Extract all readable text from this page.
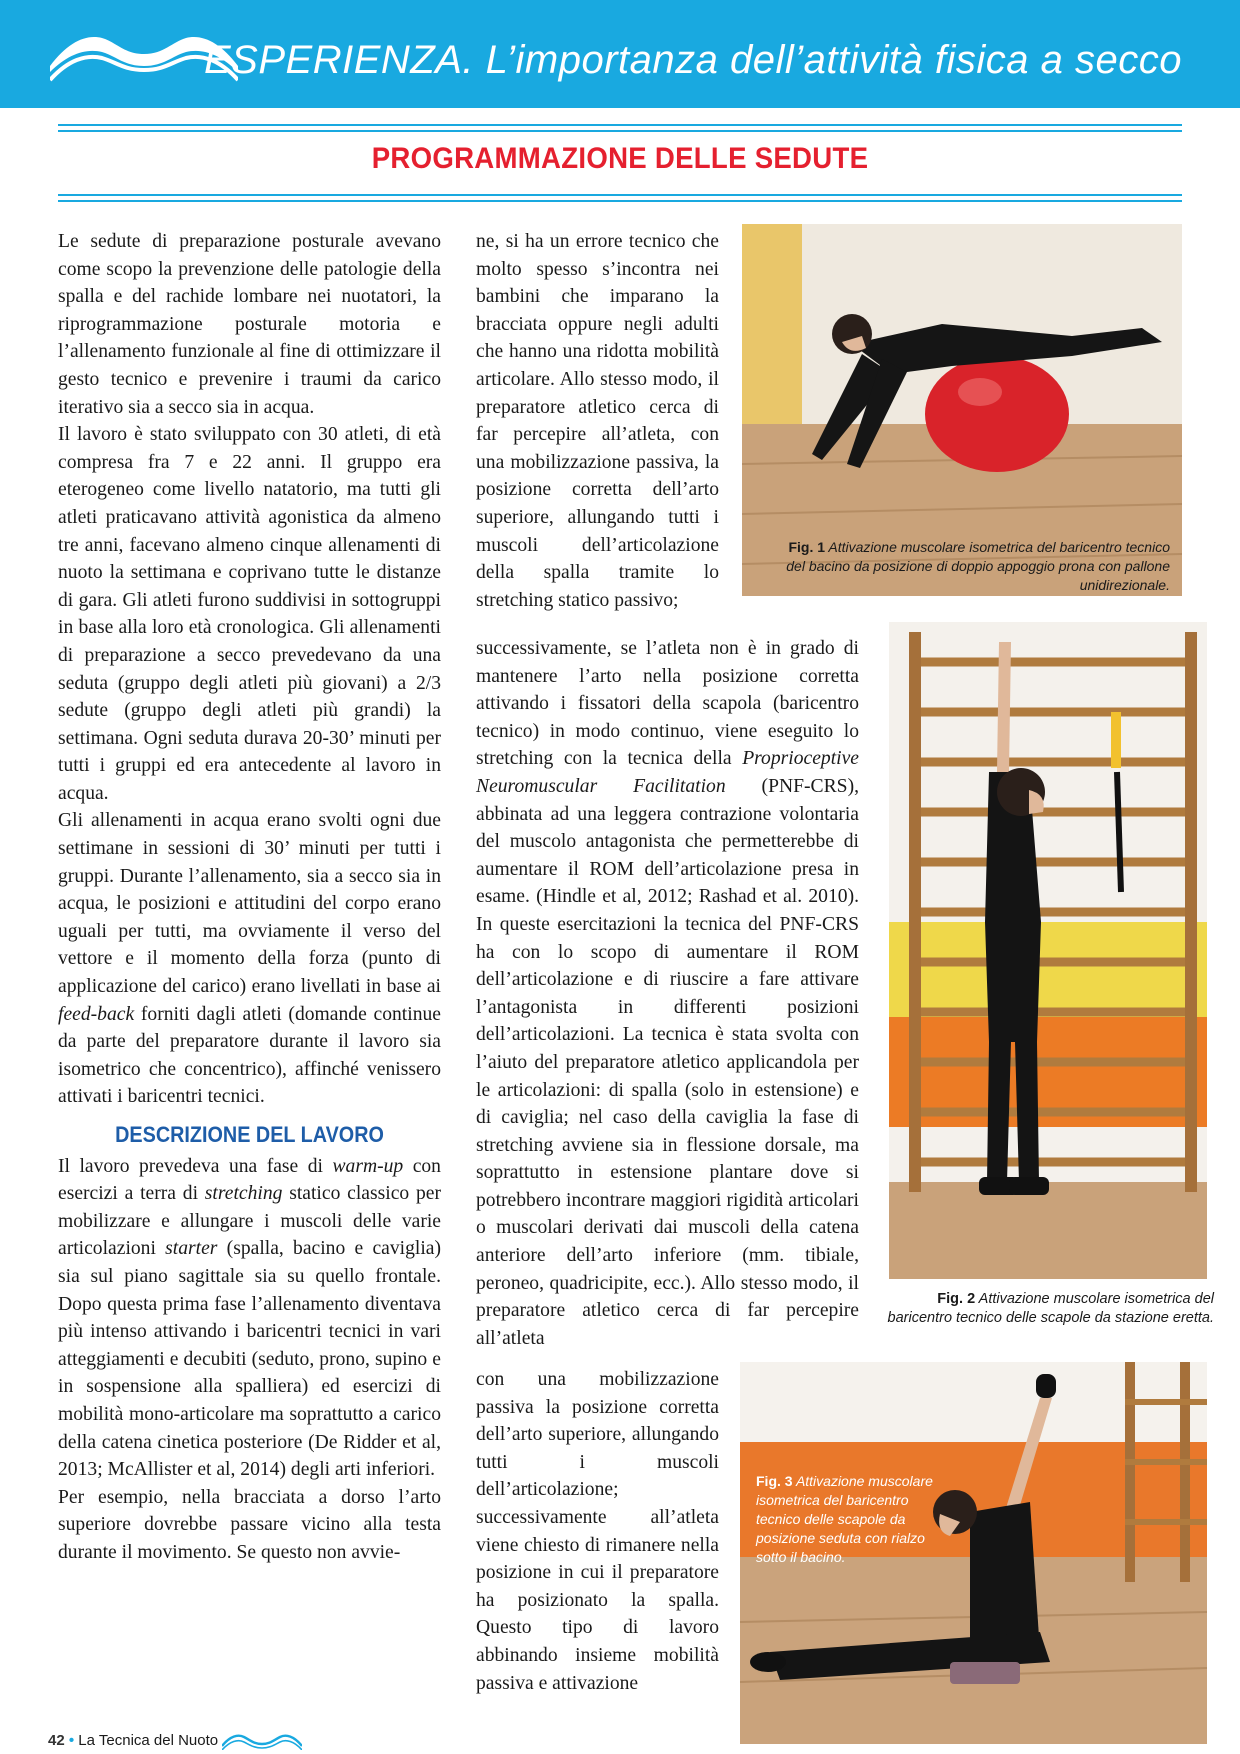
ESPERIENZA. L’importanza dell’attività fisica a secco
PROGRAMMAZIONE DELLE SEDUTE

Le sedute di preparazione posturale avevano come scopo la prevenzione delle patologie della spalla e del rachide lombare nei nuotatori, la riprogrammazione posturale motoria e l’allenamento funzionale al fine di ottimizzare il gesto tecnico e prevenire i traumi da carico iterativo sia a secco sia in acqua.

Il lavoro è stato sviluppato con 30 atleti, di età compresa fra 7 e 22 anni. Il gruppo era eterogeneo come livello natatorio, ma tutti gli atleti praticavano attività agonistica da almeno tre anni, facevano almeno cinque allenamenti di nuoto la settimana e coprivano tutte le distanze di gara. Gli atleti furono suddivisi in sottogruppi in base alla loro età cronologica. Gli allenamenti di preparazione a secco prevedevano da una seduta (gruppo degli atleti più giovani) a 2/3 sedute (gruppo degli atleti più grandi) la settimana. Ogni seduta durava 20-30’ minuti per tutti i gruppi ed era antecedente al lavoro in acqua.

Gli allenamenti in acqua erano svolti ogni due settimane in sessioni di 30’ minuti per tutti i gruppi. Durante l’allenamento, sia a secco sia in acqua, le posizioni e attitudini del corpo erano uguali per tutti, ma ovviamente il verso del vettore e il momento della forza (punto di applicazione del carico) erano livellati in base ai feed-back forniti dagli atleti (domande continue da parte del preparatore durante il lavoro sia isometrico che concentrico), affinché venissero attivati i baricentri tecnici.

DESCRIZIONE DEL LAVORO

Il lavoro prevedeva una fase di warm-up con esercizi a terra di stretching statico classico per mobilizzare e allungare i muscoli delle varie articolazioni starter (spalla, bacino e caviglia) sia sul piano sagittale sia su quello frontale. Dopo questa prima fase l’allenamento diventava più intenso attivando i baricentri tecnici in vari atteggiamenti e decubiti (seduto, prono, supino e in sospensione alla spalliera) ed esercizi di mobilità mono-articolare ma soprattutto a carico della catena cinetica posteriore (De Ridder et al, 2013; McAllister et al, 2014) degli arti inferiori.

Per esempio, nella bracciata a dorso l’arto superiore dovrebbe passare vicino alla testa durante il movimento. Se questo non avvie-

ne, si ha un errore tecnico che molto spesso s’incontra nei bambini che imparano la bracciata oppure negli adulti che hanno una ridotta mobilità articolare. Allo stesso modo, il preparatore atletico cerca di far percepire all’atleta, con una mobilizzazione passiva, la posizione corretta dell’arto superiore, allungando tutti i muscoli dell’articolazione della spalla tramite lo stretching statico passivo;

successivamente, se l’atleta non è in grado di mantenere l’arto nella posizione corretta attivando i fissatori della scapola (baricentro tecnico) in modo continuo, viene eseguito lo stretching con la tecnica della Proprioceptive Neuromuscular Facilitation (PNF-CRS), abbinata ad una leggera contrazione volontaria del muscolo antagonista che permetterebbe di aumentare il ROM dell’articolazione presa in esame. (Hindle et al, 2012; Rashad et al. 2010). In queste esercitazioni la tecnica del PNF-CRS ha con lo scopo di aumentare il ROM dell’articolazione e di riuscire a fare attivare l’antagonista in differenti posizioni dell’articolazioni. La tecnica è stata svolta con l’aiuto del preparatore atletico applicandola per le articolazioni: di spalla (solo in estensione) e di caviglia; nel caso della caviglia la fase di stretching avviene sia in flessione dorsale, ma soprattutto in estensione plantare dove si potrebbero incontrare maggiori rigidità articolari o muscolari derivati dai muscoli della catena anteriore dell’arto inferiore (mm. tibiale, peroneo, quadricipite, ecc.). Allo stesso modo, il preparatore atletico cerca di far percepire all’atleta

con una mobilizzazione passiva la posizione corretta dell’arto superiore, allungando tutti i muscoli dell’articolazione; successivamente all’atleta viene chiesto di rimanere nella posizione in cui il preparatore ha posizionato la spalla. Questo tipo di lavoro abbinando insieme mobilità passiva e attivazione

Fig. 1 Attivazione muscolare isometrica del baricentro tecnico del bacino da posizione di doppio appoggio prona con pallone unidirezionale.
Fig. 2 Attivazione muscolare isometrica del baricentro tecnico delle scapole da stazione eretta.
Fig. 3 Attivazione muscolare isometrica del baricentro tecnico delle scapole da posizione seduta con rialzo sotto il bacino.
42 • La Tecnica del Nuoto
